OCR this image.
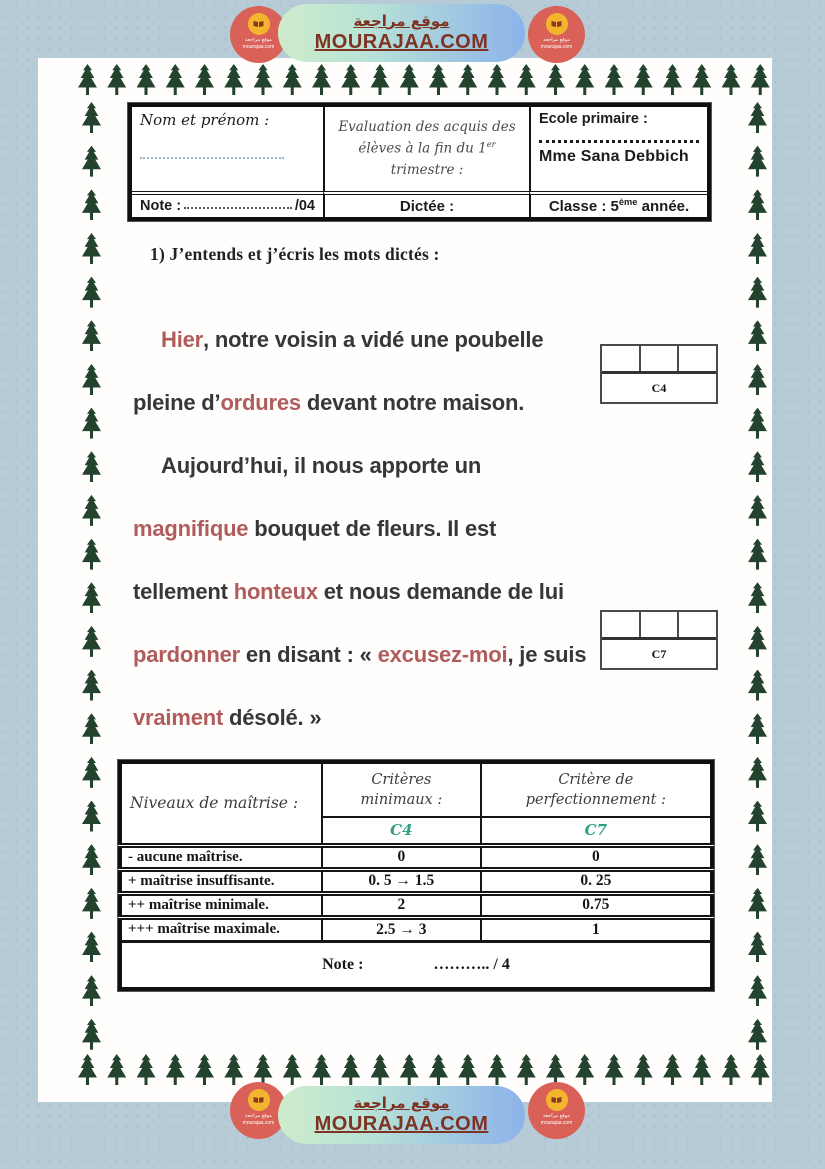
موقع مراجعة
mourajaa.com
موقع مراجعة
MOURAJAA.COM	موقع مراجعة
mourajaa.com
Nom et prénom :	Evaluation des acquis des élèves à la fin du 1er trimestre :
Ecole primaire :
Mme Sana Debbich
Note :	/04	Dictée :	Classe : 5ème année.
1) J’entends et j’écris les mots dictés :
Hier , notre voisin a vidé une poubelle
pleine d’ ordures devant notre maison.
Aujourd’hui, il nous apporte un
magnifique bouquet de fleurs. Il est
tellement honteux et nous demande de lui
pardonner en disant : « excusez-moi , je suis
vraiment désolé. »
C4
C7
Niveaux de maîtrise :	Critères minimaux :	Critère de perfectionnement :
	C4	C7
- aucune maîtrise.	0	0
+ maîtrise insuffisante.	0. 5 → 1.5	0. 25
++ maîtrise minimale.	2	0.75
+++ maîtrise maximale.	2.5 → 3	1

Note : ……….. / 4		
موقع مراجعة
mourajaa.com
موقع مراجعة
MOURAJAA.COM	موقع مراجعة
mourajaa.com
